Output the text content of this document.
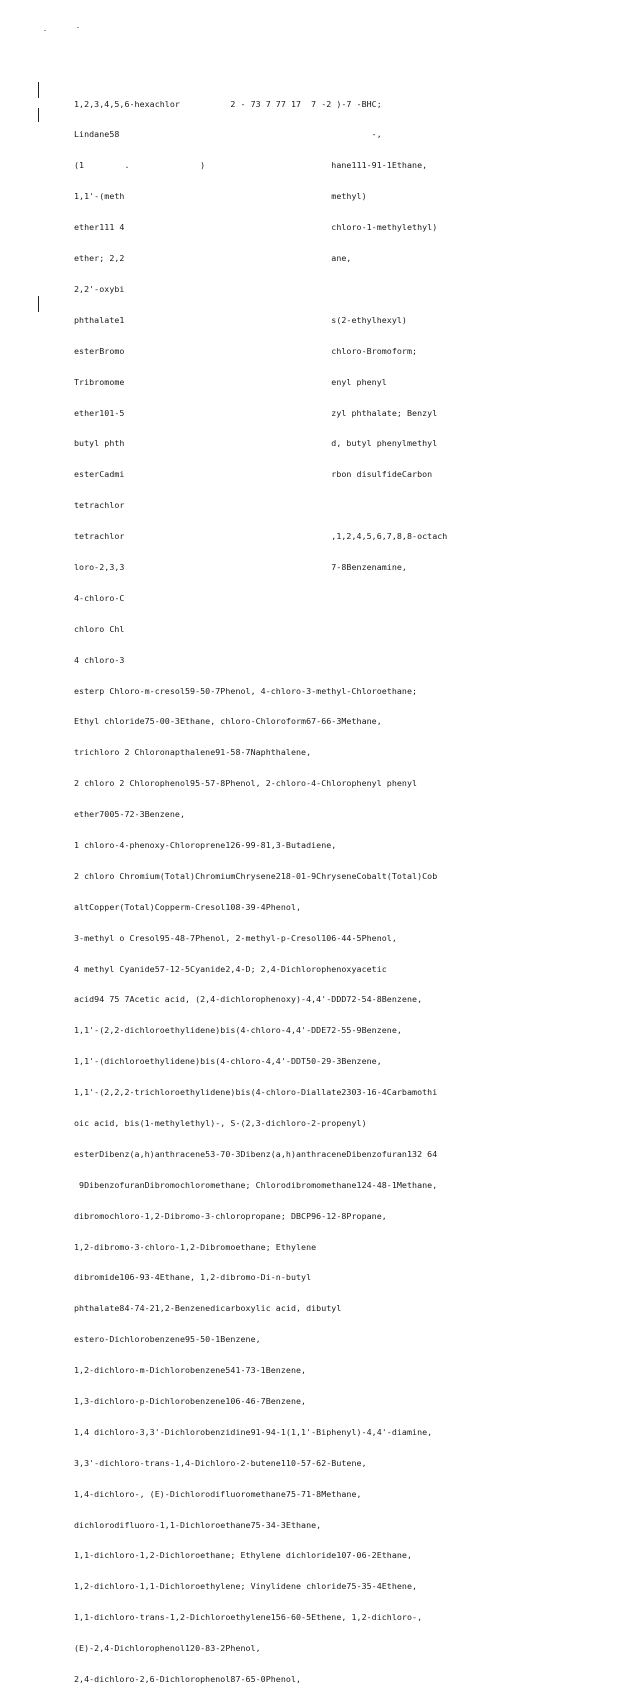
1,2,3,4,5,6-hexachlor          2 - 73 7 77 17  7 -2 )-7 -BHC;

Lindane58                                                  -,

(1        .              )                         hane111-91-1Ethane,

1,1'-(meth                                         methyl)

ether111 4                                         chloro-1-methylethyl)

ether; 2,2                                         ane,

2,2'-oxybi

phthalate1                                         s(2-ethylhexyl)

esterBromo                                         chloro-Bromoform;

Tribromome                                         enyl phenyl

ether101-5                                         zyl phthalate; Benzyl

butyl phth                                         d, butyl phenylmethyl

esterCadmi                                         rbon disulfideCarbon

tetrachlor

tetrachlor                                         ,1,2,4,5,6,7,8,8-octach

loro-2,3,3                                         7-8Benzenamine,

4-chloro-C

chloro Chl

4 chloro-3

esterp Chloro-m-cresol59-50-7Phenol, 4-chloro-3-methyl-Chloroethane;

Ethyl chloride75-00-3Ethane, chloro-Chloroform67-66-3Methane,

trichloro 2 Chloronapthalene91-58-7Naphthalene,

2 chloro 2 Chlorophenol95-57-8Phenol, 2-chloro-4-Chlorophenyl phenyl

ether7005-72-3Benzene,

1 chloro-4-phenoxy-Chloroprene126-99-81,3-Butadiene,

2 chloro Chromium(Total)ChromiumChrysene218-01-9ChryseneCobalt(Total)Cob

altCopper(Total)Copperm-Cresol108-39-4Phenol,

3-methyl o Cresol95-48-7Phenol, 2-methyl-p-Cresol106-44-5Phenol,

4 methyl Cyanide57-12-5Cyanide2,4-D; 2,4-Dichlorophenoxyacetic

acid94 75 7Acetic acid, (2,4-dichlorophenoxy)-4,4'-DDD72-54-8Benzene,

1,1'-(2,2-dichloroethylidene)bis(4-chloro-4,4'-DDE72-55-9Benzene,

1,1'-(dichloroethylidene)bis(4-chloro-4,4'-DDT50-29-3Benzene,

1,1'-(2,2,2-trichloroethylidene)bis(4-chloro-Diallate2303-16-4Carbamothi

oic acid, bis(1-methylethyl)-, S-(2,3-dichloro-2-propenyl)

esterDibenz(a,h)anthracene53-70-3Dibenz(a,h)anthraceneDibenzofuran132 64

9DibenzofuranDibromochloromethane; Chlorodibromomethane124-48-1Methane,

dibromochloro-1,2-Dibromo-3-chloropropane; DBCP96-12-8Propane,

1,2-dibromo-3-chloro-1,2-Dibromoethane; Ethylene

dibromide106-93-4Ethane, 1,2-dibromo-Di-n-butyl

phthalate84-74-21,2-Benzenedicarboxylic acid, dibutyl

estero-Dichlorobenzene95-50-1Benzene,

1,2-dichloro-m-Dichlorobenzene541-73-1Benzene,

1,3-dichloro-p-Dichlorobenzene106-46-7Benzene,

1,4 dichloro-3,3'-Dichlorobenzidine91-94-1(1,1'-Biphenyl)-4,4'-diamine,

3,3'-dichloro-trans-1,4-Dichloro-2-butene110-57-62-Butene,

1,4-dichloro-, (E)-Dichlorodifluoromethane75-71-8Methane,

dichlorodifluoro-1,1-Dichloroethane75-34-3Ethane,

1,1-dichloro-1,2-Dichloroethane; Ethylene dichloride107-06-2Ethane,

1,2-dichloro-1,1-Dichloroethylene; Vinylidene chloride75-35-4Ethene,

1,1-dichloro-trans-1,2-Dichloroethylene156-60-5Ethene, 1,2-dichloro-,

(E)-2,4-Dichlorophenol120-83-2Phenol,

2,4-dichloro-2,6-Dichlorophenol87-65-0Phenol,
